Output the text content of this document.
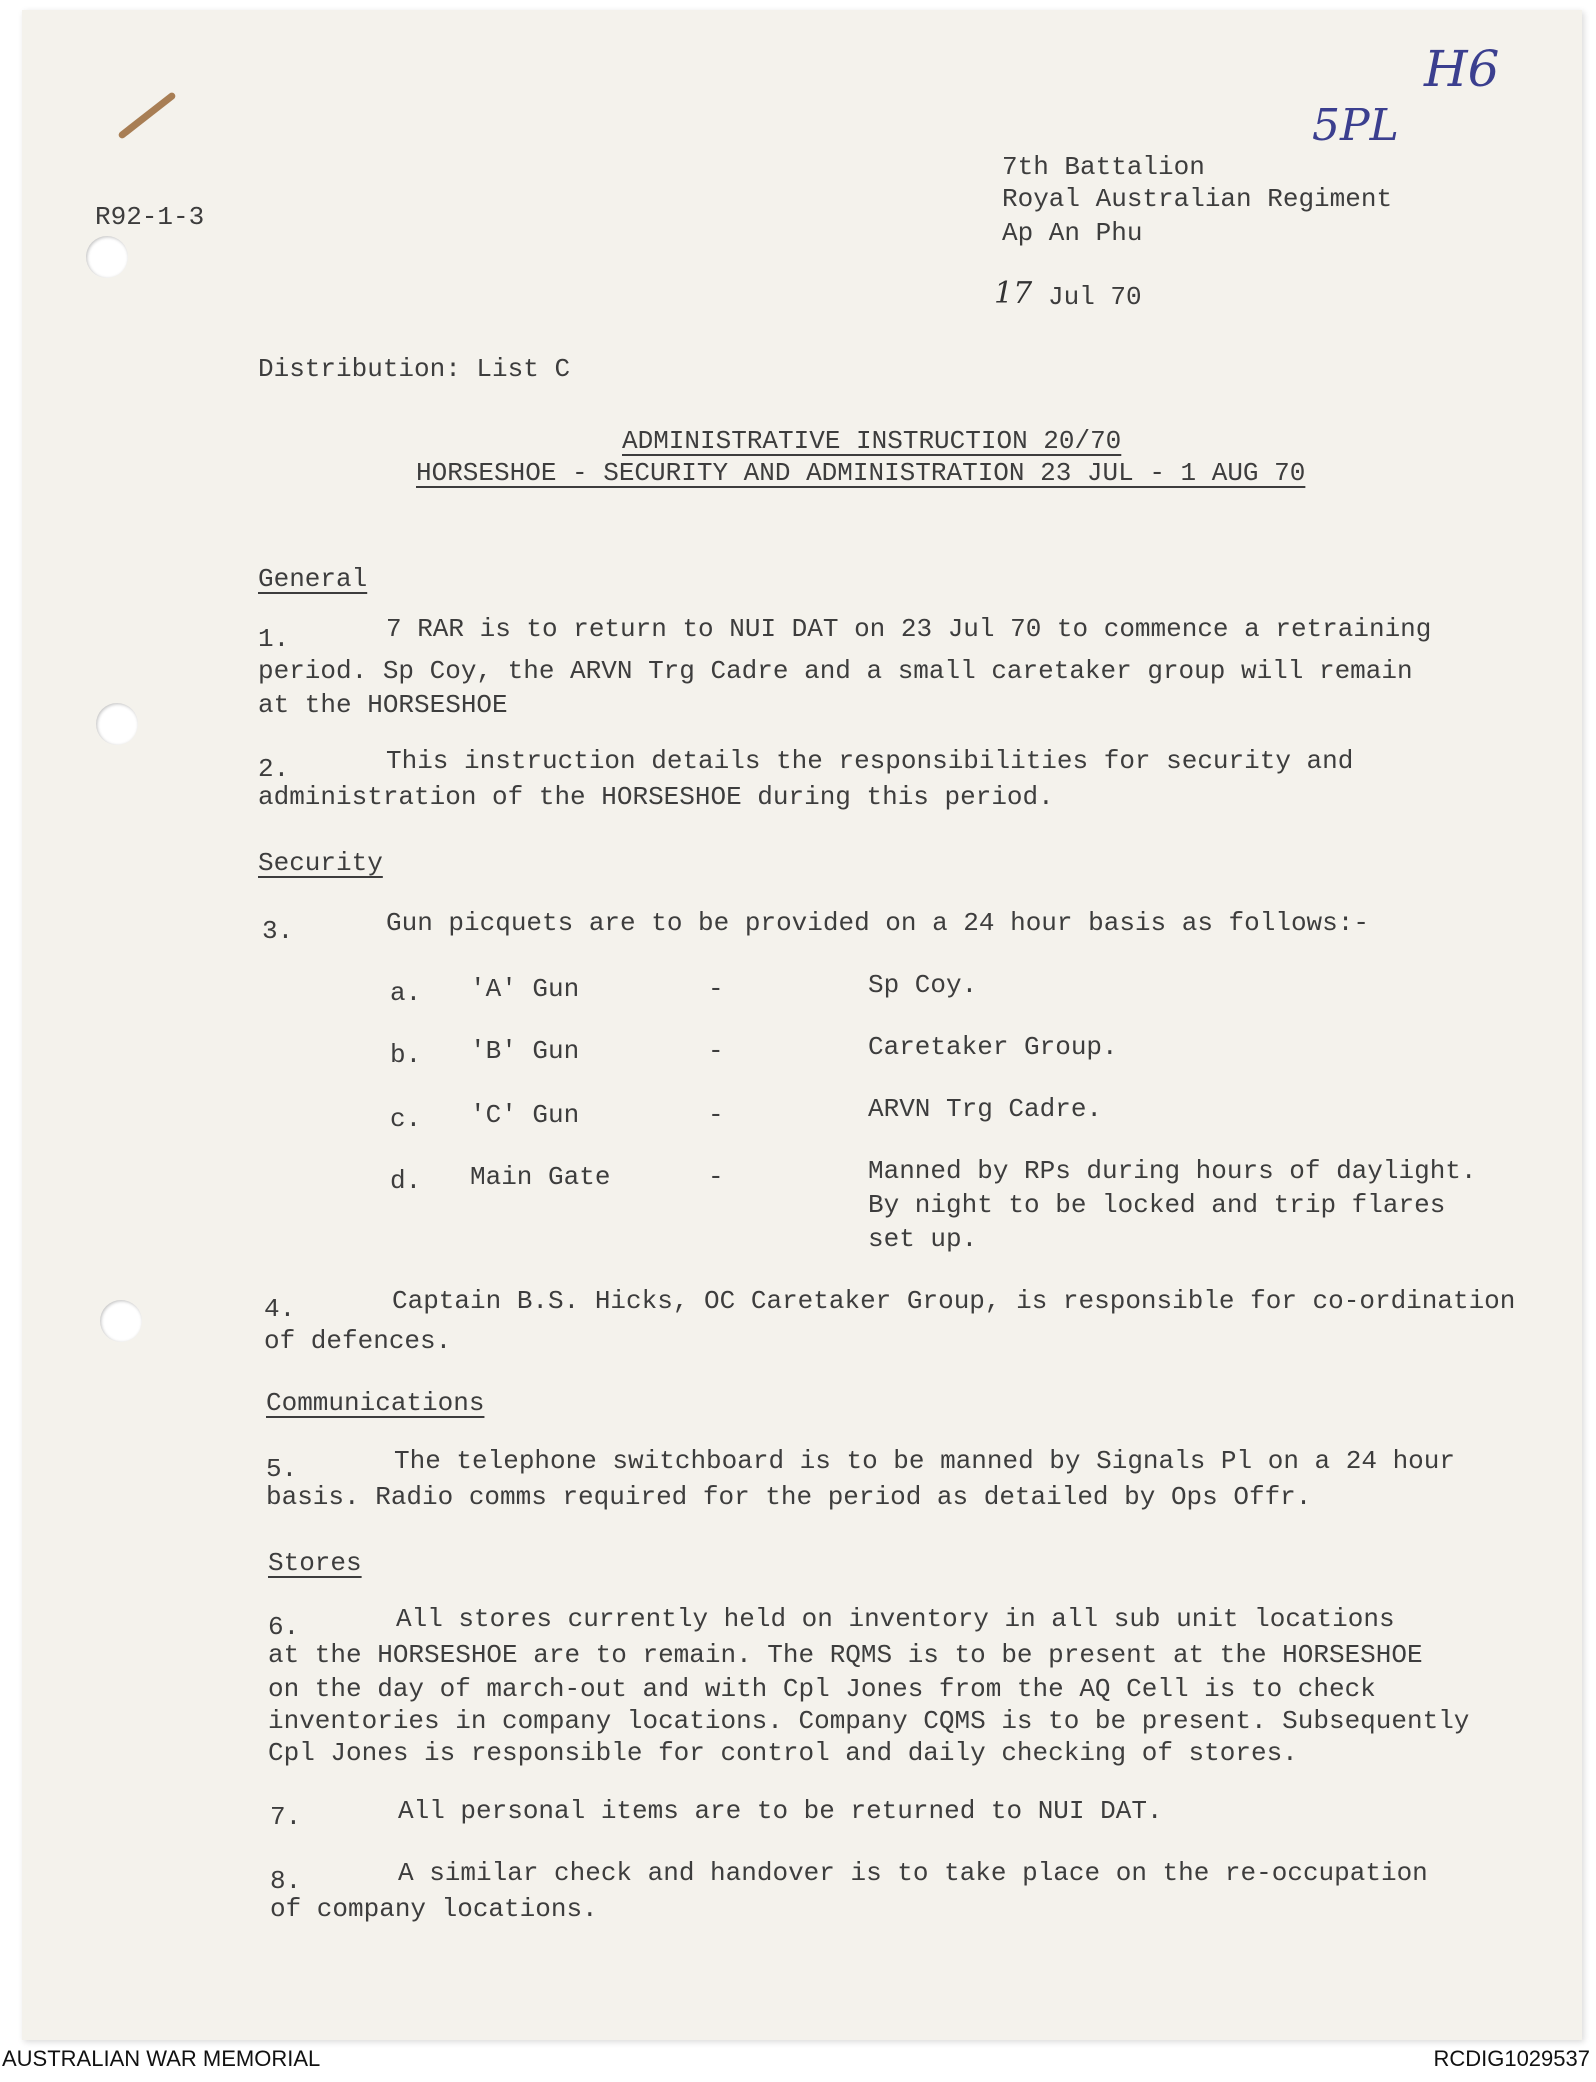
H6
5PL
R92-1-3
7th Battalion
Royal Australian Regiment
Ap An Phu
17 Jul 70
Distribution: List C
ADMINISTRATIVE INSTRUCTION 20/70
HORSESHOE - SECURITY AND ADMINISTRATION 23 JUL - 1 AUG 70
General
1.	7 RAR is to return to NUI DAT on 23 Jul 70 to commence a retraining
period. Sp Coy, the ARVN Trg Cadre and a small caretaker group will remain
at the HORSESHOE
2.	This instruction details the responsibilities for security and
administration of the HORSESHOE during this period.
Security
3.	Gun picquets are to be provided on a 24 hour basis as follows:-
a. 'A' Gun	-	Sp Coy.
b. 'B' Gun	-	Caretaker Group.
c. 'C' Gun	-	ARVN Trg Cadre.
d. Main Gate	-	Manned by RPs during hours of daylight.
By night to be locked and trip flares
set up.
4.	Captain B.S. Hicks, OC Caretaker Group, is responsible for co-ordination
of defences.
Communications
5.	The telephone switchboard is to be manned by Signals Pl on a 24 hour
basis. Radio comms required for the period as detailed by Ops Offr.
Stores
6.	All stores currently held on inventory in all sub unit locations
at the HORSESHOE are to remain. The RQMS is to be present at the HORSESHOE
on the day of march-out and with Cpl Jones from the AQ Cell is to check
inventories in company locations. Company CQMS is to be present. Subsequently
Cpl Jones is responsible for control and daily checking of stores.
7.	All personal items are to be returned to NUI DAT.
8.	A similar check and handover is to take place on the re-occupation
of company locations.
AUSTRALIAN WAR MEMORIAL	RCDIG1029537
